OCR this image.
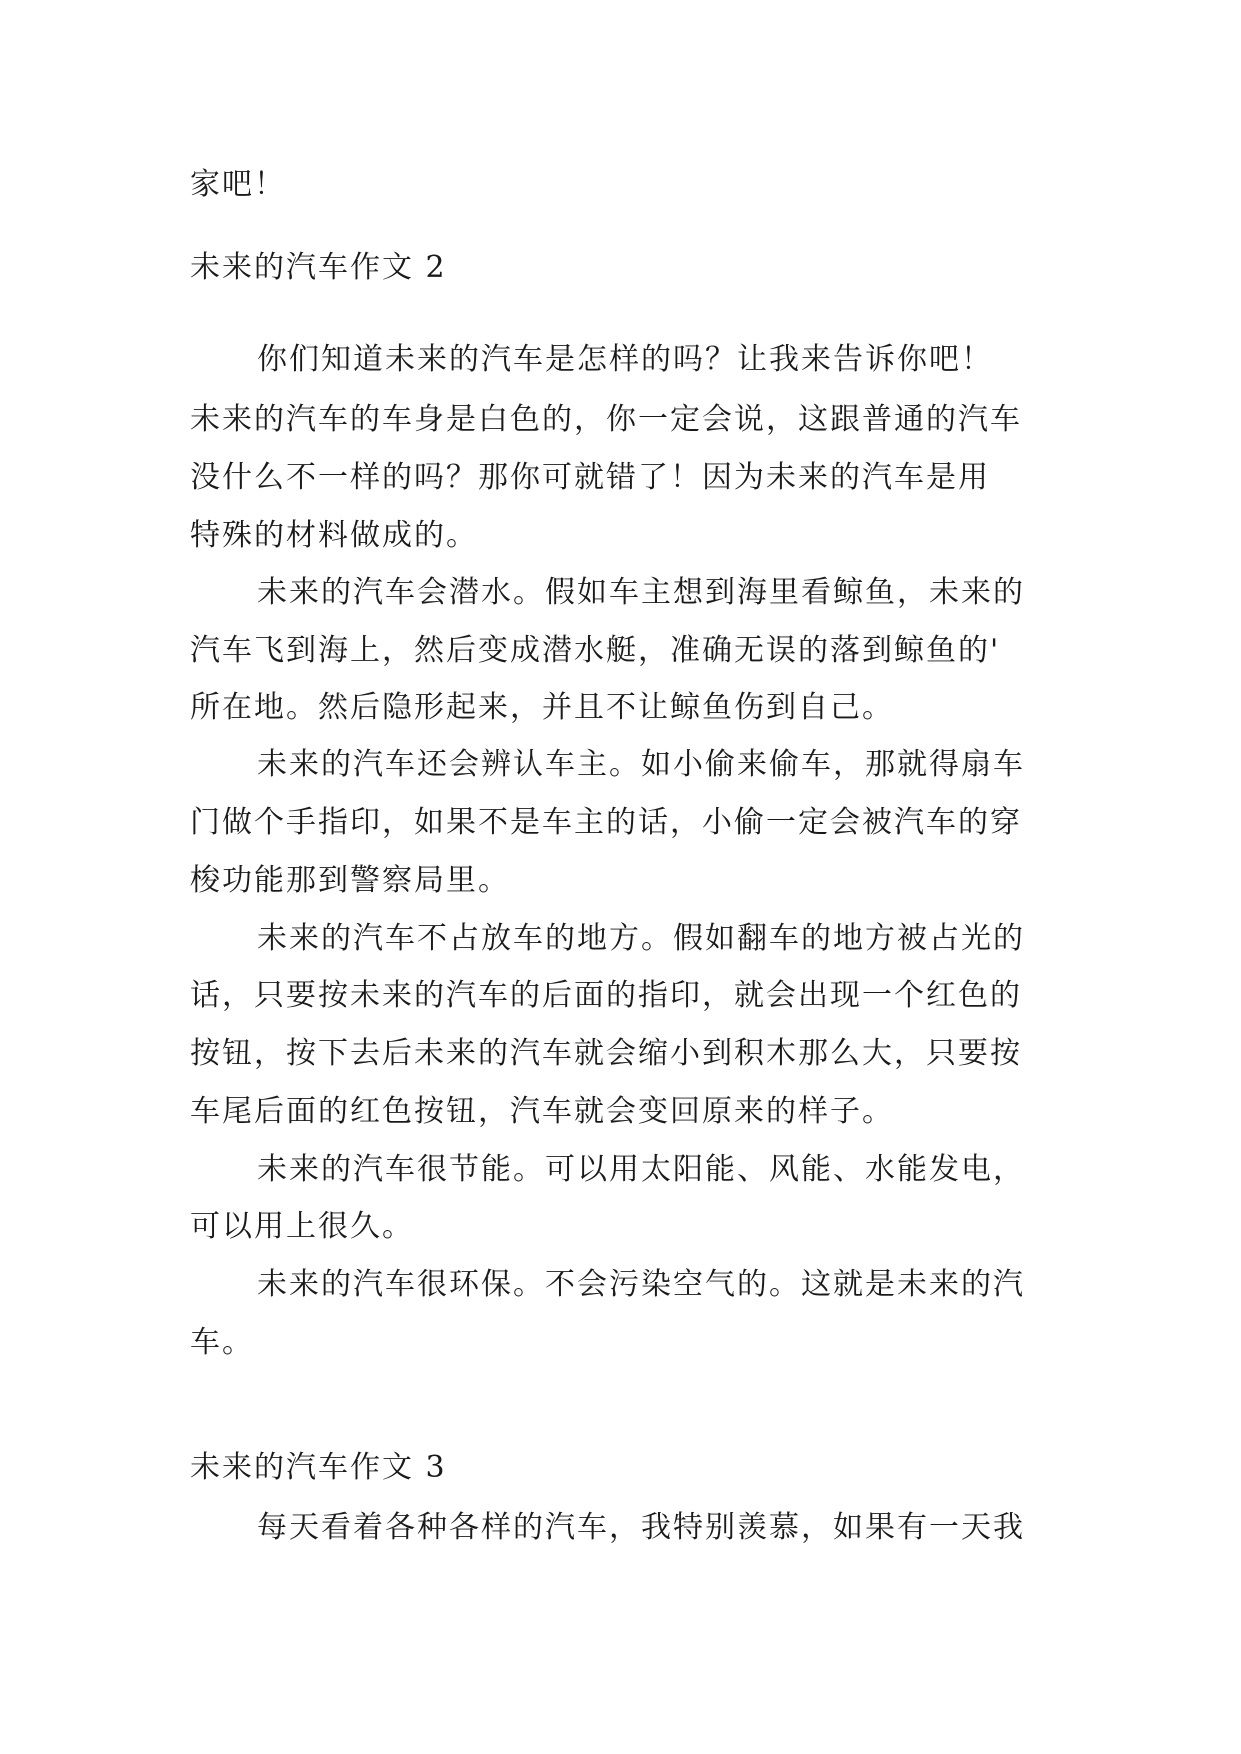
家吧！
未来的汽车作文 2
你们知道未来的汽车是怎样的吗？让我来告诉你吧！
未来的汽车的车身是白色的，你一定会说，这跟普通的汽车
没什么不一样的吗？那你可就错了！因为未来的汽车是用
特殊的材料做成的。
未来的汽车会潜水。假如车主想到海里看鲸鱼，未来的
汽车飞到海上，然后变成潜水艇，准确无误的落到鲸鱼的'
所在地。然后隐形起来，并且不让鲸鱼伤到自己。
未来的汽车还会辨认车主。如小偷来偷车，那就得扇车
门做个手指印，如果不是车主的话，小偷一定会被汽车的穿
梭功能那到警察局里。
未来的汽车不占放车的地方。假如翻车的地方被占光的
话，只要按未来的汽车的后面的指印，就会出现一个红色的
按钮，按下去后未来的汽车就会缩小到积木那么大，只要按
车尾后面的红色按钮，汽车就会变回原来的样子。
未来的汽车很节能。可以用太阳能、风能、水能发电，
可以用上很久。
未来的汽车很环保。不会污染空气的。这就是未来的汽
车。
未来的汽车作文 3
每天看着各种各样的汽车，我特别羡慕，如果有一天我
